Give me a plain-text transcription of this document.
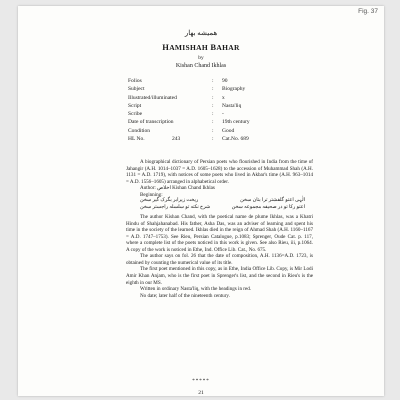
Fig. 37
همیشه بهار
HAMISHAH BAHAR
by
Kishan Chand Ikhlas
Folios	:	90
Subject	:	Biography
Illustrated/illuminated	:	x
Script	:	Nasta'liq
Scribe	:	-
Date of transcription	:	19th century
Condition	:	Good
HL No.	243	:	Cat.No. 689

A biographical dictionary of Persian poets who flourished in India from the time of Jahangir (A.H. 1014–1037 = A.D. 1605–1628) to the accession of Muhammad Shah (A.H. 1131 = A.D. 1719), with notices of some poets who lived in Akbar's time (A.H. 963–1014 = A.D. 1556–1605) arranged in alphabetical order.

Author: اخلاص Kishan Chand Ikhlas

Beginning:

الٰہی اعتو گلفشتر ترا بتان سخن
ریخت زیرابر بگرک گیر سخن
اعتو رکا تو در صحیفه مجموعه سخن
شرح نکته تو سلسله راجستر سخن

The author Kishan Chand, with the poetical name de plume Ikhlas, was a Khatri Hindu of Shahjahanabad. His father, Asha Das, was an adviser of learning and spent his time in the society of the learned. Ikhlas died in the reign of Ahmad Shah (A.H. 1160–1167 = A.D. 1747–1753). See Rieu, Persian Catalogue, p.1083; Sprenger, Oude Cat. p. 117, where a complete list of the poets noticed in this work is given. See also Rieu, iii, p.1064. A copy of the work is noticed in Ethe, Ind. Office Lib. Cat., No. 675.

The author says on fol. 26 that the date of composition, A.H. 1136=A.D. 1723, is obtained by counting the numerical value of its title.

The first poet mentioned in this copy, as in Ethe, India Office Lib. Copy, is Mir Lodi Amir Khan Anjam, who is the first poet in Sprenger's list, and the second in Rieu's is the eighth in our MS.

Written in ordinary Nasta'liq, with the headings in red.

No date; later half of the nineteenth century.

*****
21
